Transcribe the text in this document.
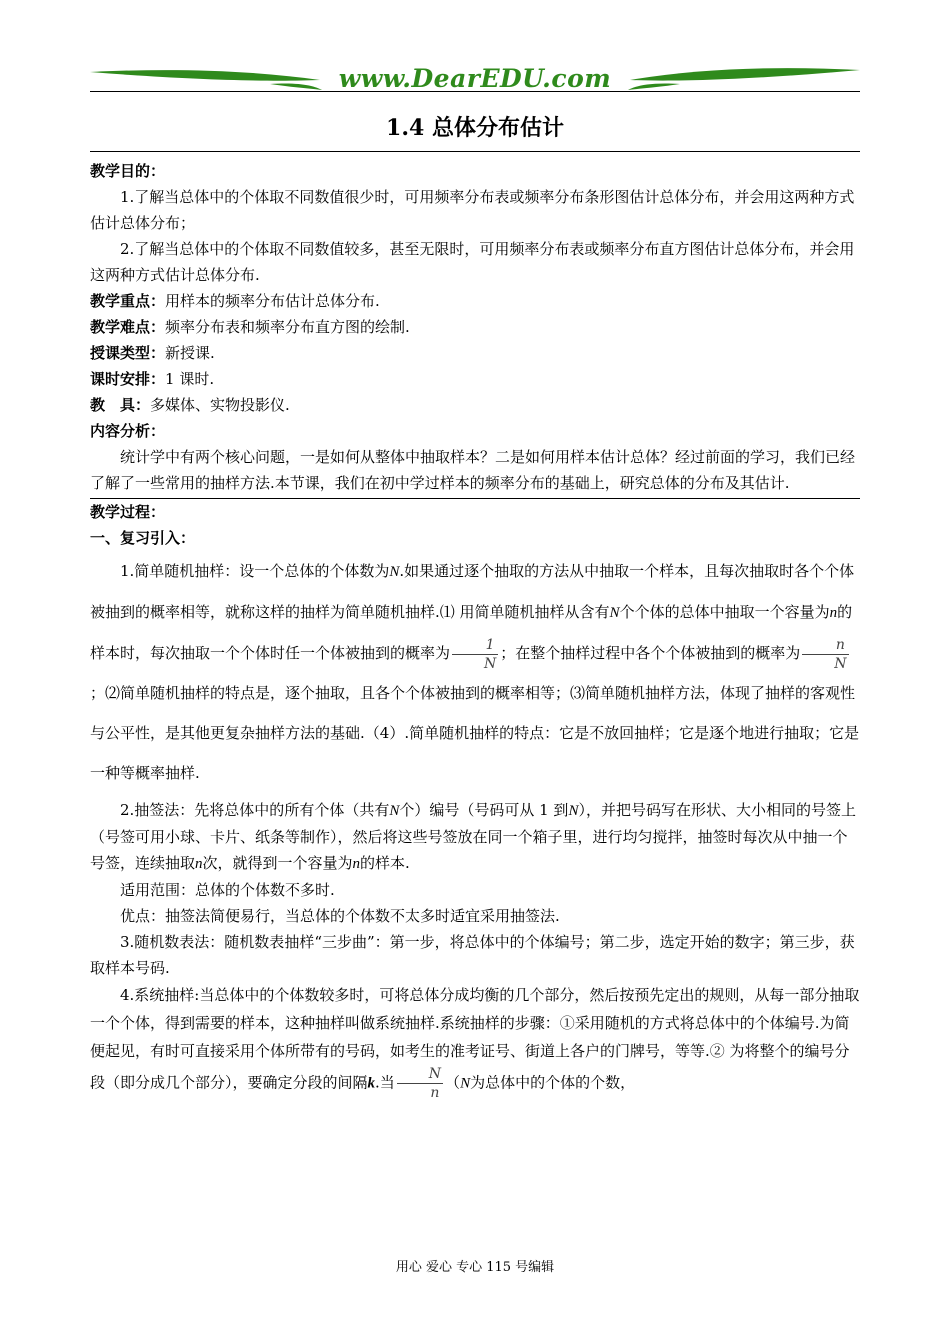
www.DearEDU.com
1.4 总体分布估计

教学目的：

1.了解当总体中的个体取不同数值很少时，可用频率分布表或频率分布条形图估计总体分布，并会用这两种方式估计总体分布；

2.了解当总体中的个体取不同数值较多，甚至无限时，可用频率分布表或频率分布直方图估计总体分布，并会用这两种方式估计总体分布.

教学重点：用样本的频率分布估计总体分布.

教学难点：频率分布表和频率分布直方图的绘制.

授课类型：新授课.

课时安排：1 课时.

教　具：多媒体、实物投影仪.

内容分析：

统计学中有两个核心问题，一是如何从整体中抽取样本？二是如何用样本估计总体？经过前面的学习，我们已经了解了一些常用的抽样方法.本节课，我们在初中学过样本的频率分布的基础上，研究总体的分布及其估计.

教学过程：

一、复习引入：

1.简单随机抽样：设一个总体的个体数为N.如果通过逐个抽取的方法从中抽取一个样本，且每次抽取时各个个体被抽到的概率相等，就称这样的抽样为简单随机抽样.⑴ 用简单随机抽样从含有N个个体的总体中抽取一个容量为n的样本时，每次抽取一个个体时任一个体被抽到的概率为 $\frac{1}{N}$ ；在整个抽样过程中各个个体被抽到的概率为 $\frac{n}{N}$
；⑵简单随机抽样的特点是，逐个抽取，且各个个体被抽到的概率相等；⑶简单随机抽样方法，体现了抽样的客观性与公平性，是其他更复杂抽样方法的基础.（4）.简单随机抽样的特点：它是不放回抽样；它是逐个地进行抽取；它是一种等概率抽样.

2.抽签法：先将总体中的所有个体（共有N个）编号（号码可从 1 到N），并把号码写在形状、大小相同的号签上（号签可用小球、卡片、纸条等制作），然后将这些号签放在同一个箱子里，进行均匀搅拌，抽签时每次从中抽一个号签，连续抽取n次，就得到一个容量为n的样本.

适用范围：总体的个体数不多时.

优点：抽签法简便易行，当总体的个体数不太多时适宜采用抽签法.

3.随机数表法：随机数表抽样“三步曲”：第一步，将总体中的个体编号；第二步，选定开始的数字；第三步，获取样本号码.

4.系统抽样:当总体中的个体数较多时，可将总体分成均衡的几个部分，然后按预先定出的规则，从每一部分抽取一个个体，得到需要的样本，这种抽样叫做系统抽样.系统抽样的步骤：①采用随机的方式将总体中的个体编号.为简便起见，有时可直接采用个体所带有的号码，如考生的准考证号、街道上各户的门牌号，等等.② 为将整个的编号分段（即分成几个部分），要确定分段的间隔k.当 $\frac{N}{n} (N$为总体中的个体的个数，

用心 爱心 专心 115 号编辑
